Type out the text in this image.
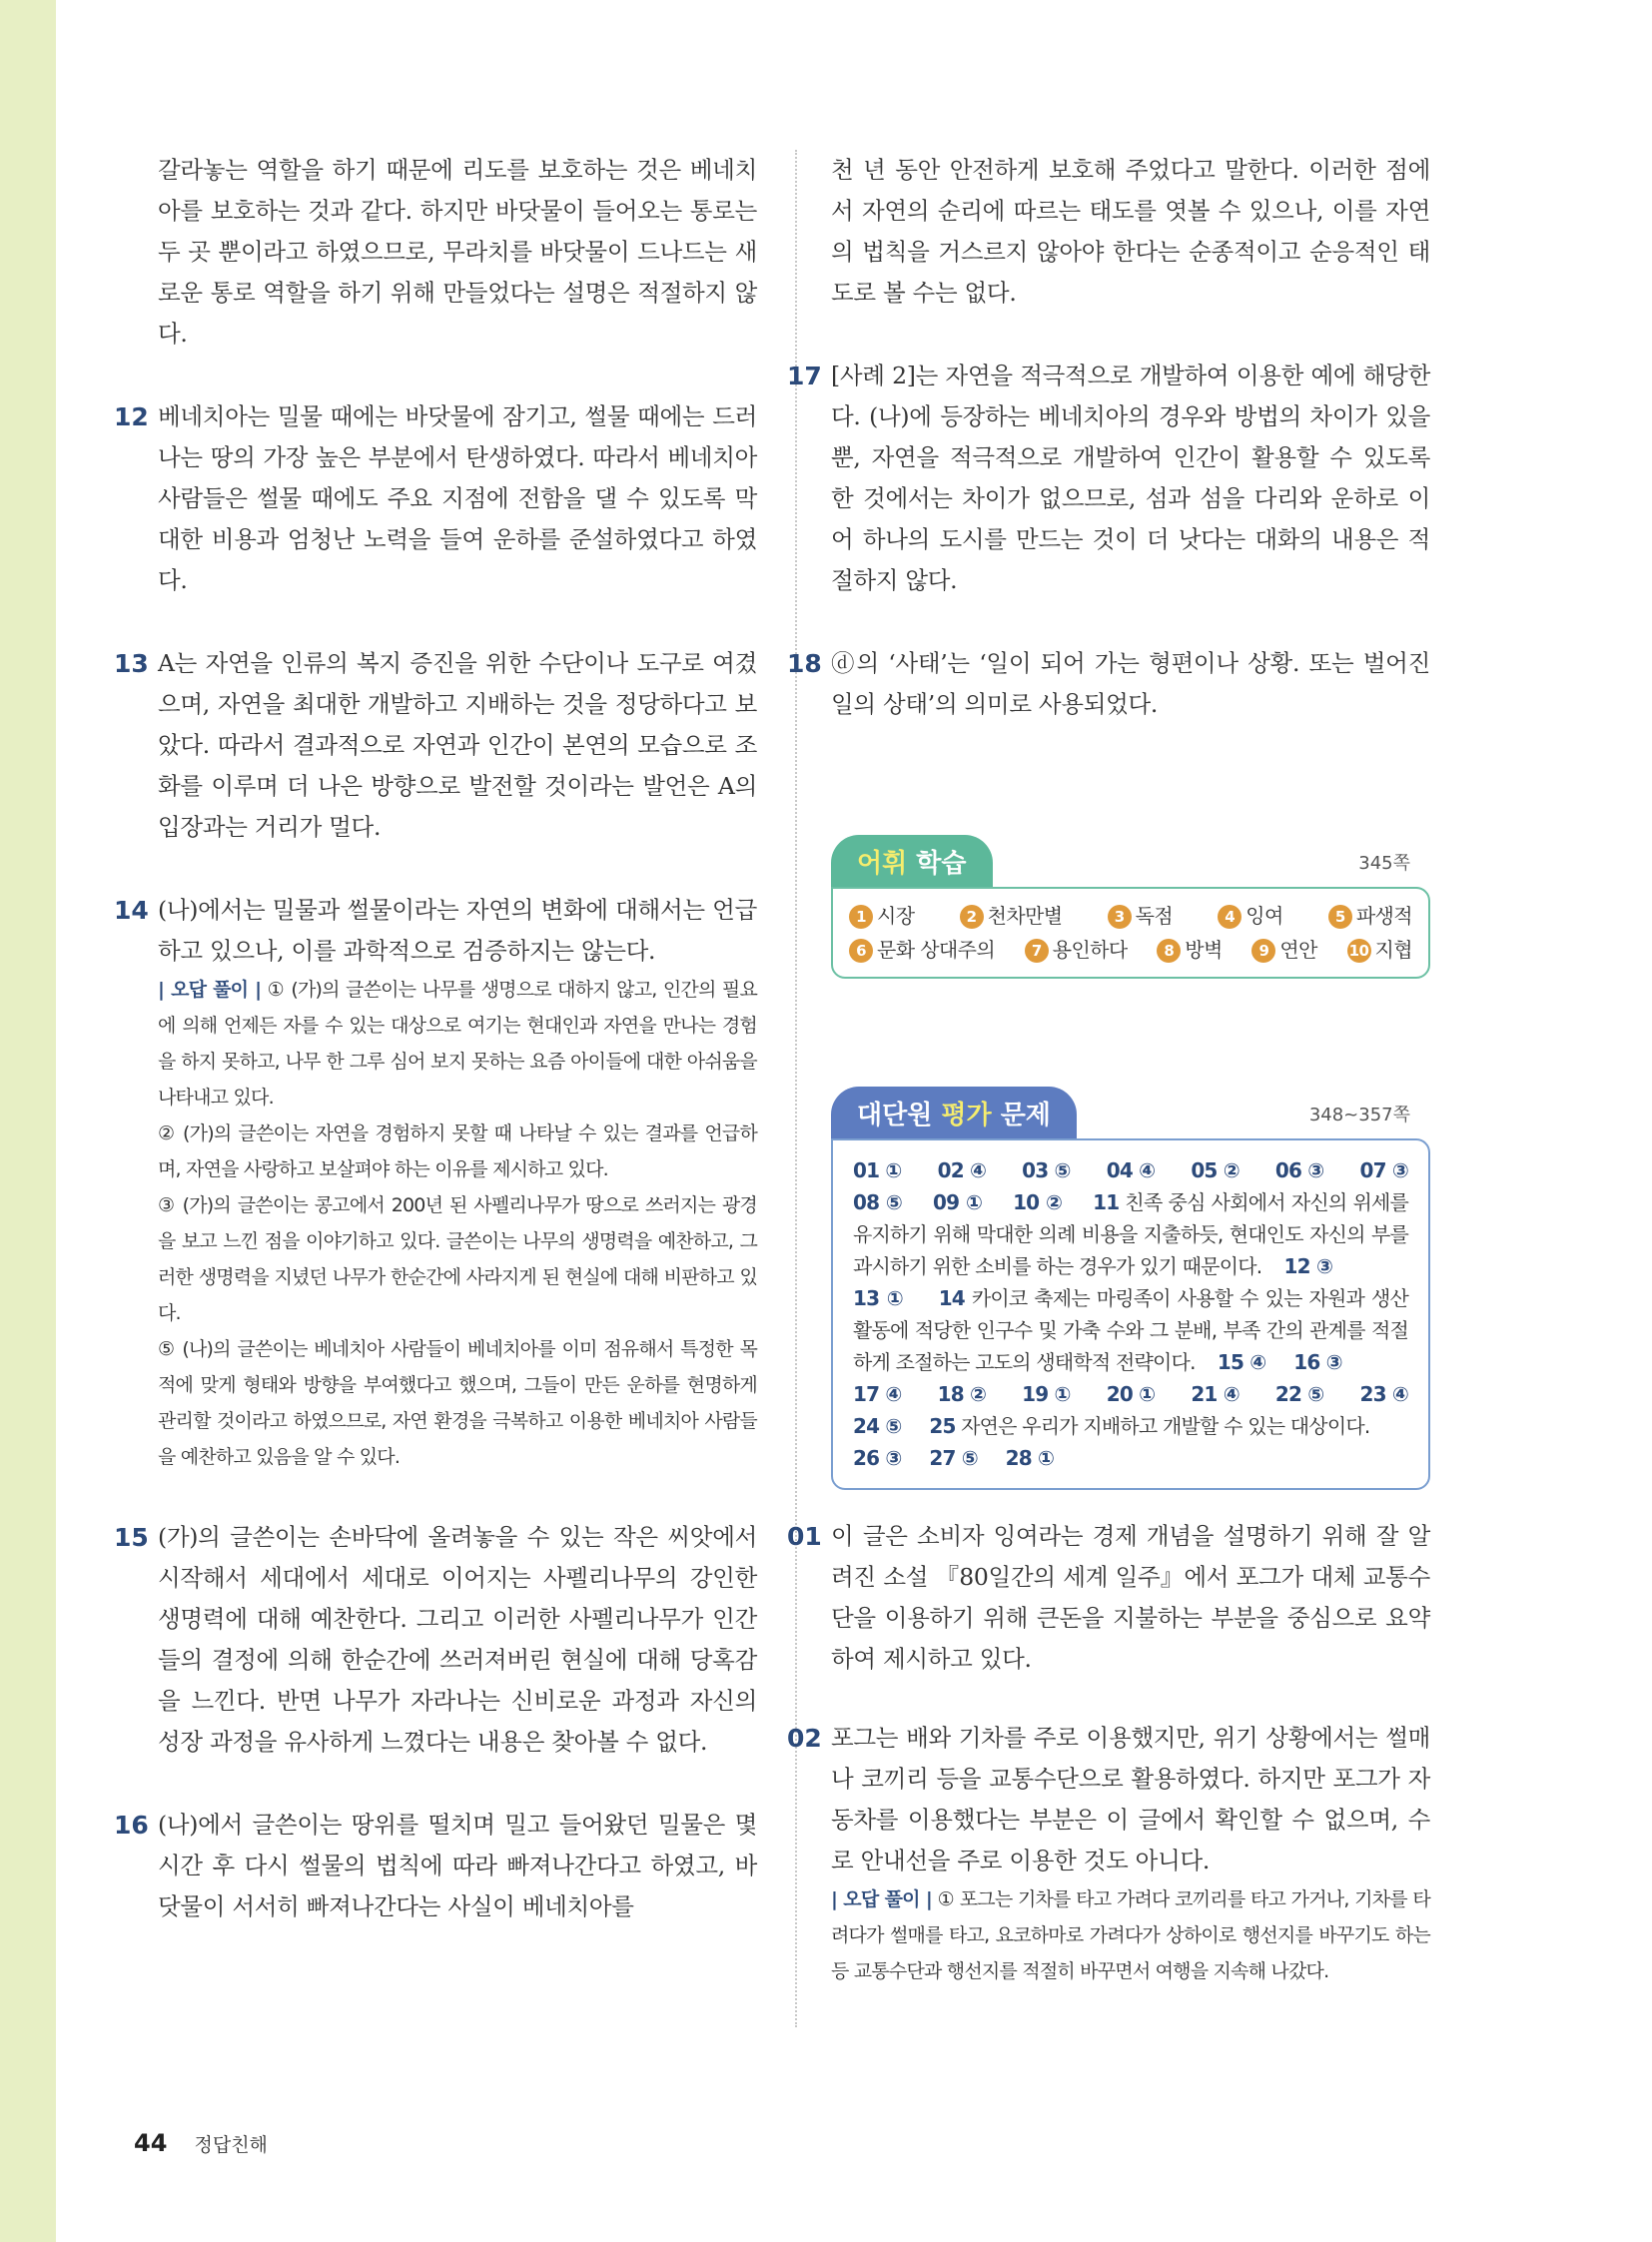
갈라놓는 역할을 하기 때문에 리도를 보호하는 것은 베네치아를 보호하는 것과 같다. 하지만 바닷물이 들어오는 통로는 두 곳 뿐이라고 하였으므로, 무라치를 바닷물이 드나드는 새로운 통로 역할을 하기 위해 만들었다는 설명은 적절하지 않다.

12 베네치아는 밀물 때에는 바닷물에 잠기고, 썰물 때에는 드러나는 땅의 가장 높은 부분에서 탄생하였다. 따라서 베네치아 사람들은 썰물 때에도 주요 지점에 전함을 댈 수 있도록 막대한 비용과 엄청난 노력을 들여 운하를 준설하였다고 하였다.

13 A는 자연을 인류의 복지 증진을 위한 수단이나 도구로 여겼으며, 자연을 최대한 개발하고 지배하는 것을 정당하다고 보았다. 따라서 결과적으로 자연과 인간이 본연의 모습으로 조화를 이루며 더 나은 방향으로 발전할 것이라는 발언은 A의 입장과는 거리가 멀다.

14 (나)에서는 밀물과 썰물이라는 자연의 변화에 대해서는 언급하고 있으나, 이를 과학적으로 검증하지는 않는다.

| 오답 풀이 | ① (가)의 글쓴이는 나무를 생명으로 대하지 않고, 인간의 필요에 의해 언제든 자를 수 있는 대상으로 여기는 현대인과 자연을 만나는 경험을 하지 못하고, 나무 한 그루 심어 보지 못하는 요즘 아이들에 대한 아쉬움을 나타내고 있다.
② (가)의 글쓴이는 자연을 경험하지 못할 때 나타날 수 있는 결과를 언급하며, 자연을 사랑하고 보살펴야 하는 이유를 제시하고 있다.
③ (가)의 글쓴이는 콩고에서 200년 된 사펠리나무가 땅으로 쓰러지는 광경을 보고 느낀 점을 이야기하고 있다. 글쓴이는 나무의 생명력을 예찬하고, 그러한 생명력을 지녔던 나무가 한순간에 사라지게 된 현실에 대해 비판하고 있다.
⑤ (나)의 글쓴이는 베네치아 사람들이 베네치아를 이미 점유해서 특정한 목적에 맞게 형태와 방향을 부여했다고 했으며, 그들이 만든 운하를 현명하게 관리할 것이라고 하였으므로, 자연 환경을 극복하고 이용한 베네치아 사람들을 예찬하고 있음을 알 수 있다.
15 (가)의 글쓴이는 손바닥에 올려놓을 수 있는 작은 씨앗에서 시작해서 세대에서 세대로 이어지는 사펠리나무의 강인한 생명력에 대해 예찬한다. 그리고 이러한 사펠리나무가 인간들의 결정에 의해 한순간에 쓰러져버린 현실에 대해 당혹감을 느낀다. 반면 나무가 자라나는 신비로운 과정과 자신의 성장 과정을 유사하게 느꼈다는 내용은 찾아볼 수 없다.

16 (나)에서 글쓴이는 땅위를 떨치며 밀고 들어왔던 밀물은 몇 시간 후 다시 썰물의 법칙에 따라 빠져나간다고 하였고, 바닷물이 서서히 빠져나간다는 사실이 베네치아를

천 년 동안 안전하게 보호해 주었다고 말한다. 이러한 점에서 자연의 순리에 따르는 태도를 엿볼 수 있으나, 이를 자연의 법칙을 거스르지 않아야 한다는 순종적이고 순응적인 태도로 볼 수는 없다.

17 [사례 2]는 자연을 적극적으로 개발하여 이용한 예에 해당한다. (나)에 등장하는 베네치아의 경우와 방법의 차이가 있을 뿐, 자연을 적극적으로 개발하여 인간이 활용할 수 있도록 한 것에서는 차이가 없으므로, 섬과 섬을 다리와 운하로 이어 하나의 도시를 만드는 것이 더 낫다는 대화의 내용은 적절하지 않다.

18 ⓓ의 ‘사태’는 ‘일이 되어 가는 형편이나 상황. 또는 벌어진 일의 상태’의 의미로 사용되었다.

어휘 학습	345쪽
1 시장	2 천차만별	3 독점	4 잉여	5 파생적
6 문화 상대주의	7 용인하다	8 방벽	9 연안 10 지협
대단원 평가 문제	348~357쪽
01 ① 02 ④ 03 ⑤ 04 ④ 05 ② 06 ③ 07 ③

08 ⑤ 09 ① 10 ② 11 친족 중심 사회에서 자신의 위세를 유지하기 위해 막대한 의례 비용을 지출하듯, 현대인도 자신의 부를 과시하기 위한 소비를 하는 경우가 있기 때문이다. 12 ③

13 ① 14 카이코 축제는 마링족이 사용할 수 있는 자원과 생산 활동에 적당한 인구수 및 가축 수와 그 분배, 부족 간의 관계를 적절하게 조절하는 고도의 생태학적 전략이다. 15 ④ 16 ③

17 ④ 18 ② 19 ① 20 ① 21 ④ 22 ⑤ 23 ④

24 ⑤ 25 자연은 우리가 지배하고 개발할 수 있는 대상이다.

26 ③ 27 ⑤ 28 ①

01 이 글은 소비자 잉여라는 경제 개념을 설명하기 위해 잘 알려진 소설 『80일간의 세계 일주』에서 포그가 대체 교통수단을 이용하기 위해 큰돈을 지불하는 부분을 중심으로 요약하여 제시하고 있다.

02 포그는 배와 기차를 주로 이용했지만, 위기 상황에서는 썰매나 코끼리 등을 교통수단으로 활용하였다. 하지만 포그가 자동차를 이용했다는 부분은 이 글에서 확인할 수 없으며, 수로 안내선을 주로 이용한 것도 아니다.

| 오답 풀이 | ① 포그는 기차를 타고 가려다 코끼리를 타고 가거나, 기차를 타려다가 썰매를 타고, 요코하마로 가려다가 상하이로 행선지를 바꾸기도 하는 등 교통수단과 행선지를 적절히 바꾸면서 여행을 지속해 나갔다.
44 정답친해
